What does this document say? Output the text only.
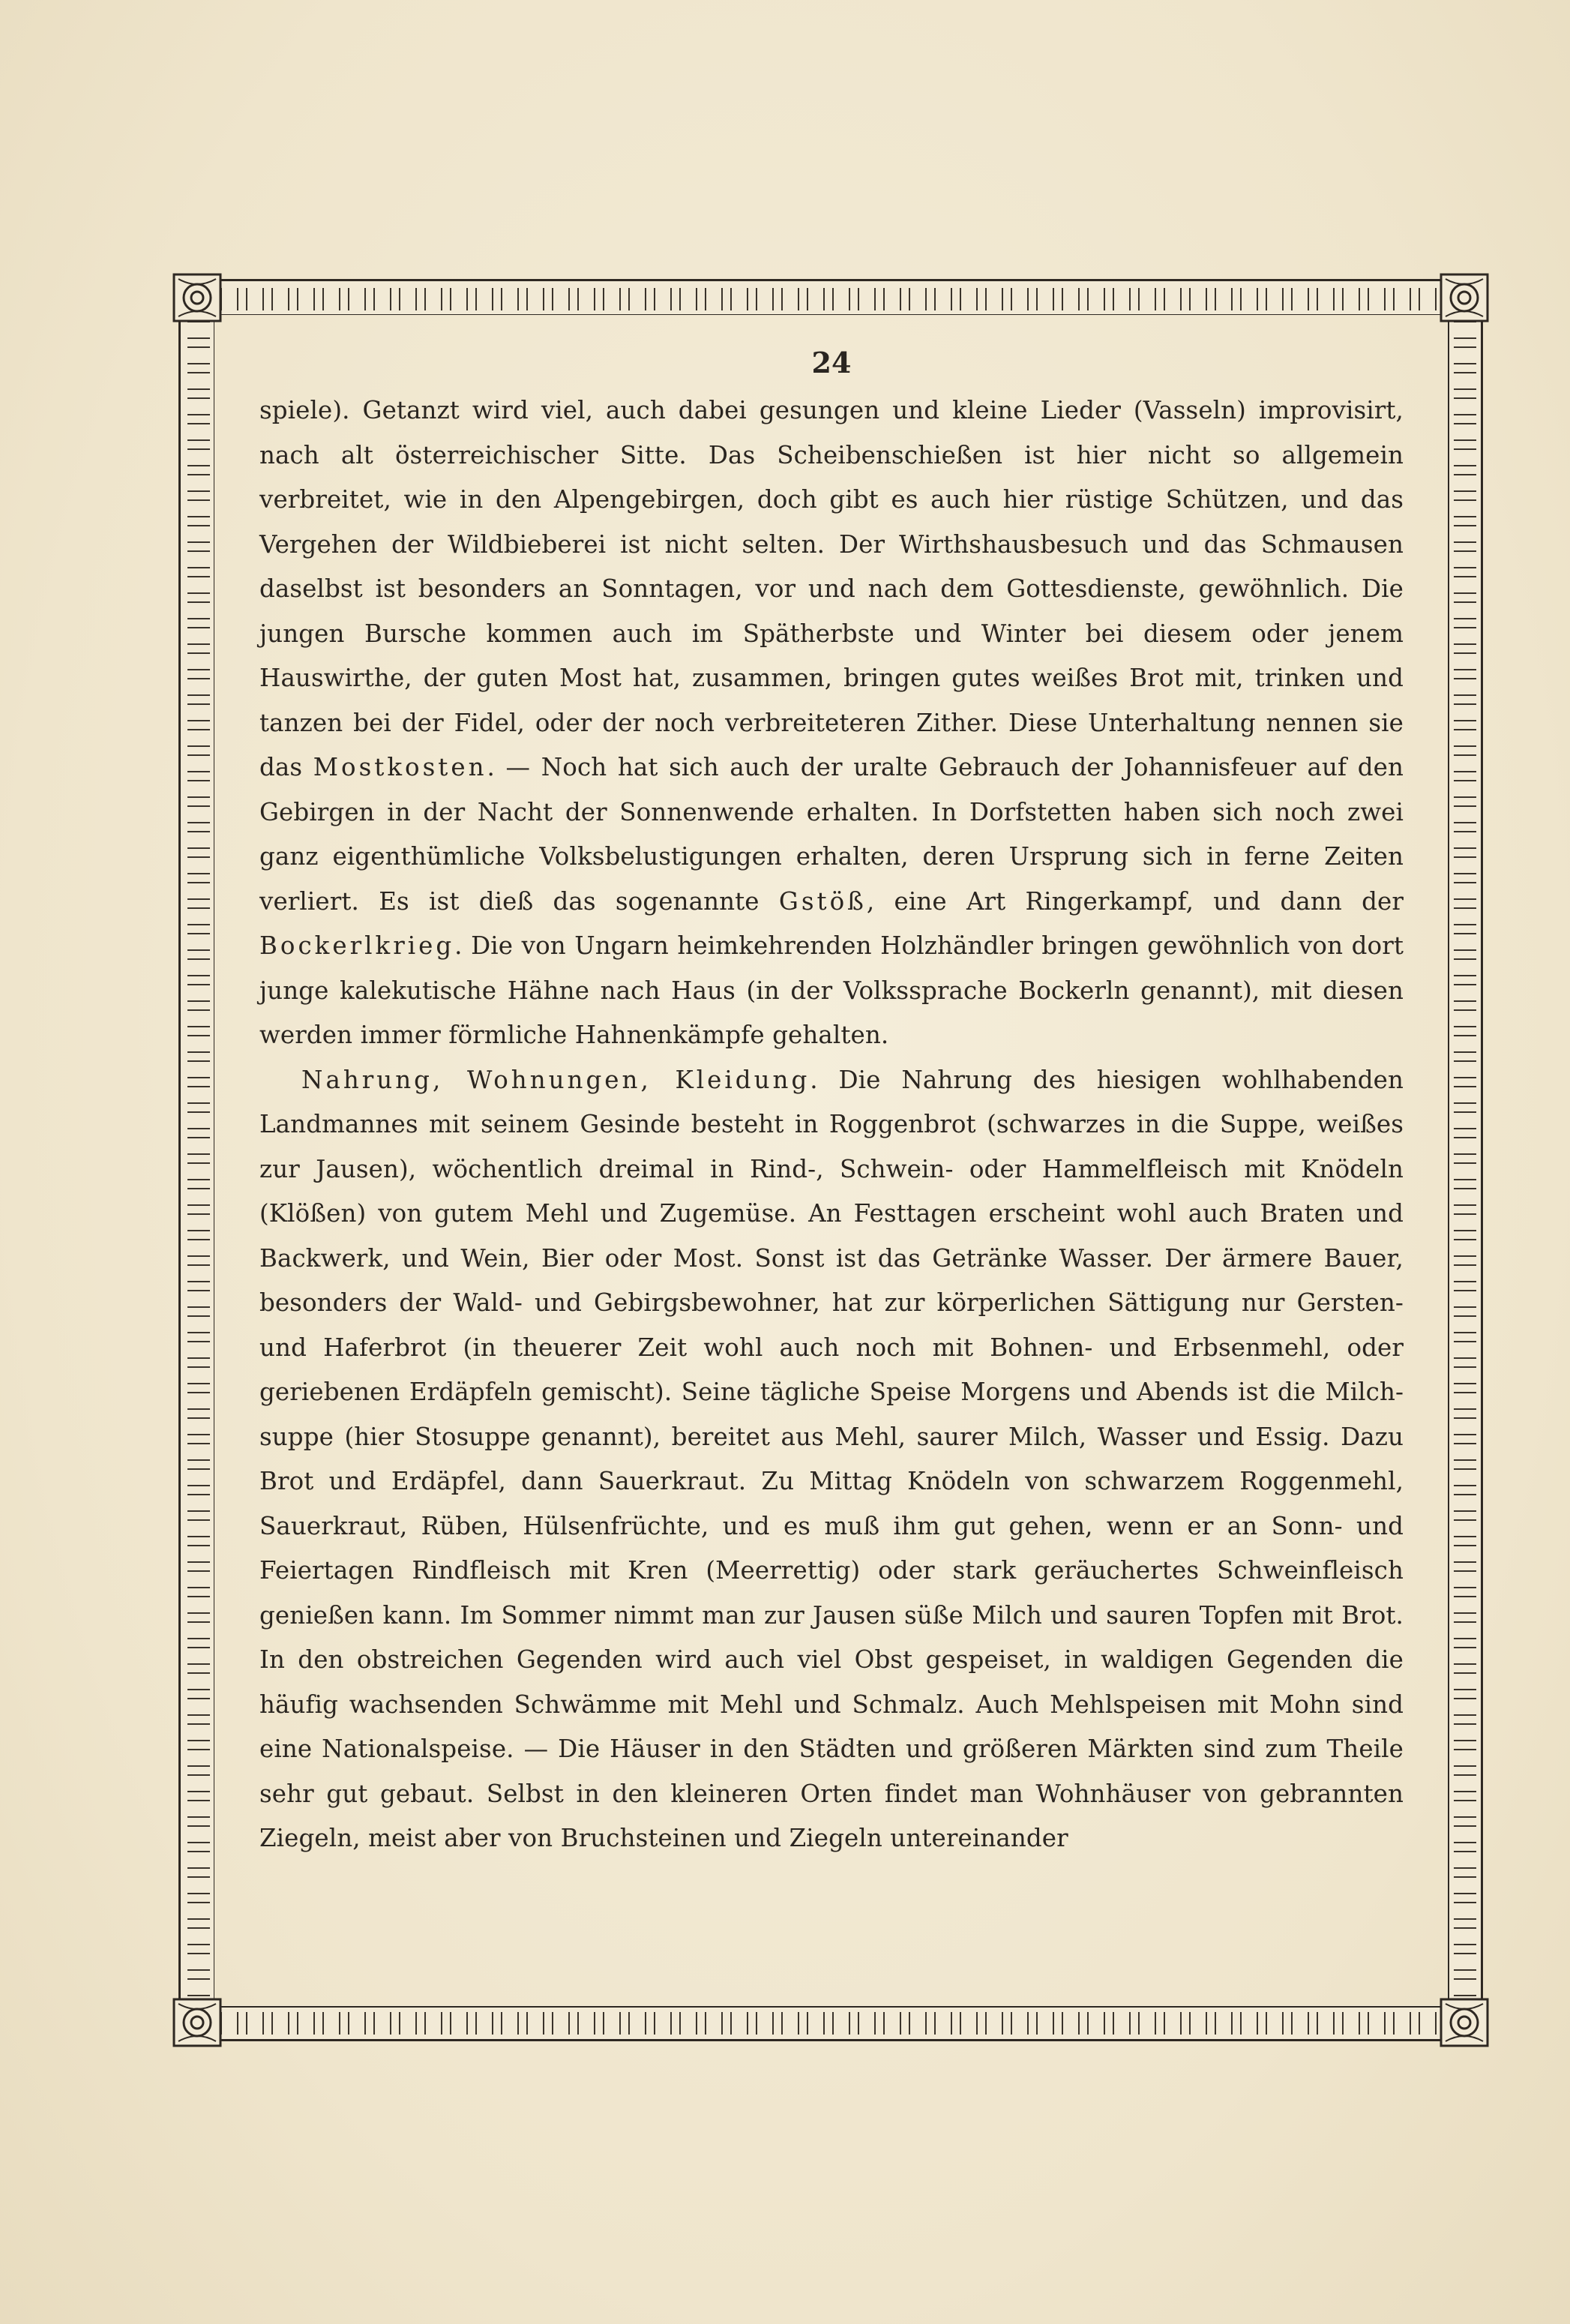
24

spiele). Getanzt wird viel, auch dabei gesungen und kleine Lieder (Vasseln) improvisirt, nach alt österreichischer Sitte. Das Scheibenschießen ist hier nicht so allgemein verbreitet, wie in den Alpengebirgen, doch gibt es auch hier rüstige Schützen, und das Vergehen der Wildbieberei ist nicht selten. Der Wirthshausbesuch und das Schmausen daselbst ist besonders an Sonntagen, vor und nach dem Gottesdienste, gewöhnlich. Die jungen Bursche kommen auch im Spätherbste und Winter bei diesem oder jenem Hauswirthe, der guten Most hat, zusammen, bringen gutes weißes Brot mit, trinken und tanzen bei der Fidel, oder der noch verbreiteteren Zither. Diese Unterhaltung nennen sie das Mostkosten. — Noch hat sich auch der uralte Gebrauch der Johannisfeuer auf den Gebirgen in der Nacht der Sonnenwende erhalten. In Dorfstetten haben sich noch zwei ganz eigenthümliche Volksbelustigungen erhalten, deren Ursprung sich in ferne Zeiten verliert. Es ist dieß das sogenannte Gstöß, eine Art Ringerkampf, und dann der Bockerlkrieg. Die von Ungarn heimkehrenden Holzhändler bringen gewöhnlich von dort junge kalekutische Hähne nach Haus (in der Volkssprache Bockerln genannt), mit diesen werden immer förmliche Hahnenkämpfe gehalten.

Nahrung, Wohnungen, Kleidung. Die Nahrung des hiesigen wohlhabenden Landmannes mit seinem Gesinde besteht in Roggenbrot (schwarzes in die Suppe, weißes zur Jausen), wöchentlich dreimal in Rind-, Schwein- oder Hammelfleisch mit Knödeln (Klößen) von gutem Mehl und Zugemüse. An Festtagen erscheint wohl auch Braten und Backwerk, und Wein, Bier oder Most. Sonst ist das Getränke Wasser. Der ärmere Bauer, besonders der Wald- und Gebirgsbewohner, hat zur körperlichen Sättigung nur Gersten- und Haferbrot (in theuerer Zeit wohl auch noch mit Bohnen- und Erbsenmehl, oder geriebenen Erdäpfeln gemischt). Seine tägliche Speise Morgens und Abends ist die Milchsuppe (hier Stosuppe genannt), bereitet aus Mehl, saurer Milch, Wasser und Essig. Dazu Brot und Erdäpfel, dann Sauerkraut. Zu Mittag Knödeln von schwarzem Roggenmehl, Sauerkraut, Rüben, Hülsenfrüchte, und es muß ihm gut gehen, wenn er an Sonn- und Feiertagen Rindfleisch mit Kren (Meerrettig) oder stark geräuchertes Schweinfleisch genießen kann. Im Sommer nimmt man zur Jausen süße Milch und sauren Topfen mit Brot. In den obstreichen Gegenden wird auch viel Obst gespeiset, in waldigen Gegenden die häufig wachsenden Schwämme mit Mehl und Schmalz. Auch Mehlspeisen mit Mohn sind eine Nationalspeise. — Die Häuser in den Städten und größeren Märkten sind zum Theile sehr gut gebaut. Selbst in den kleineren Orten findet man Wohnhäuser von gebrannten Ziegeln, meist aber von Bruchsteinen und Ziegeln untereinander
